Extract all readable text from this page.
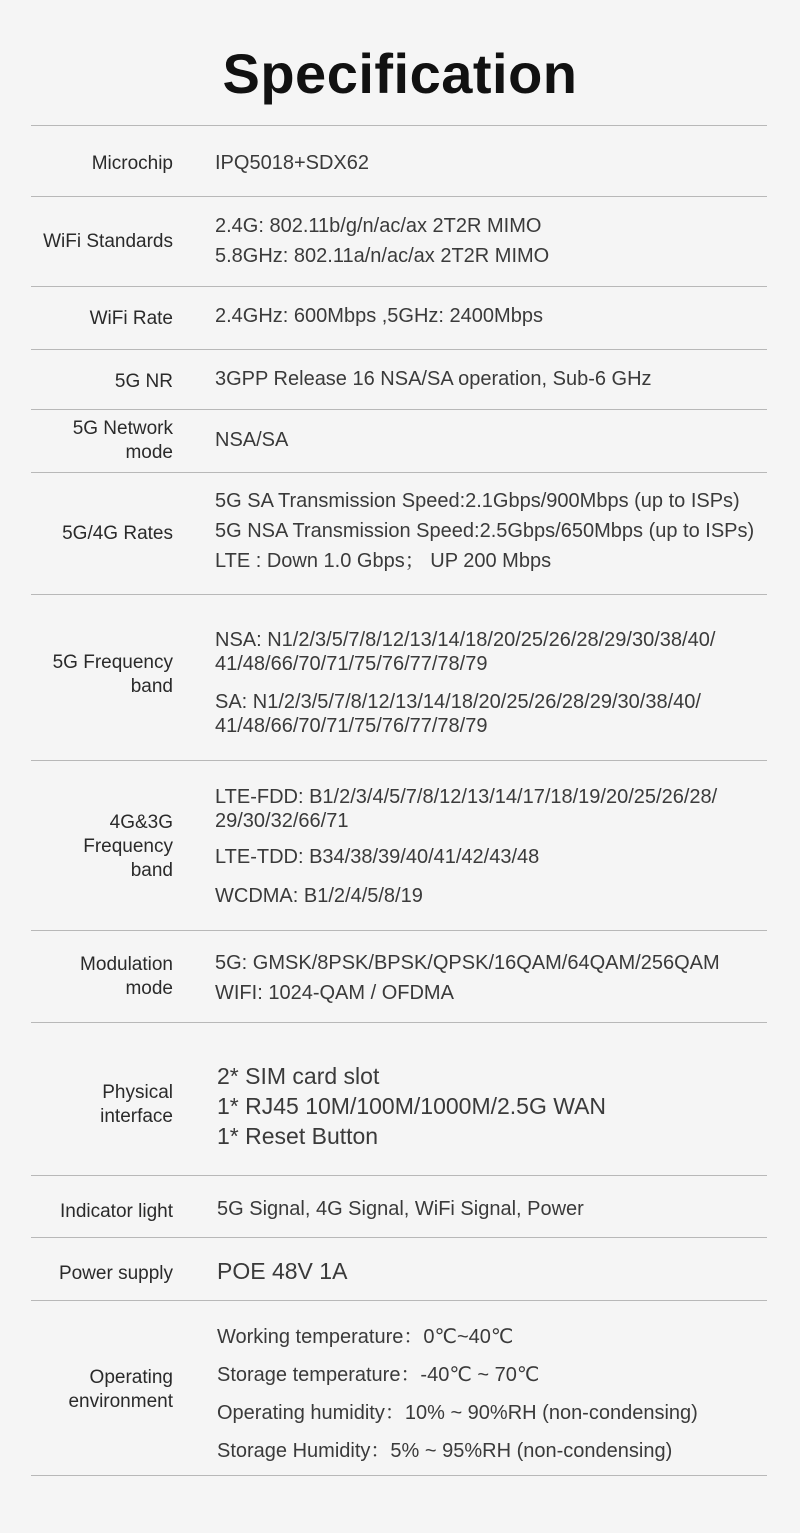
Specification
Microchip IPQ5018+SDX62
WiFi Standards
2.4G: 802.11b/g/n/ac/ax 2T2R MIMO
5.8GHz: 802.11a/n/ac/ax 2T2R MIMO
WiFi Rate 2.4GHz: 600Mbps ,5GHz: 2400Mbps
5G NR 3GPP Release 16 NSA/SA operation, Sub-6 GHz
5G Network
mode
NSA/SA
5G/4G Rates
5G SA Transmission Speed:2.1Gbps/900Mbps (up to ISPs)
5G NSA Transmission Speed:2.5Gbps/650Mbps (up to ISPs)
LTE : Down 1.0 Gbps； UP 200 Mbps
5G Frequency
band
NSA: N1/2/3/5/7/8/12/13/14/18/20/25/26/28/29/30/38/40/
41/48/66/70/71/75/76/77/78/79
SA: N1/2/3/5/7/8/12/13/14/18/20/25/26/28/29/30/38/40/
41/48/66/70/71/75/76/77/78/79
4G&3G
Frequency
band
LTE-FDD: B1/2/3/4/5/7/8/12/13/14/17/18/19/20/25/26/28/
29/30/32/66/71
LTE-TDD: B34/38/39/40/41/42/43/48
WCDMA: B1/2/4/5/8/19
Modulation
mode
5G: GMSK/8PSK/BPSK/QPSK/16QAM/64QAM/256QAM
WIFI: 1024-QAM / OFDMA
Physical
interface
2* SIM card slot
1* RJ45 10M/100M/1000M/2.5G WAN
1* Reset Button
Indicator light 5G Signal, 4G Signal, WiFi Signal, Power
Power supply POE 48V 1A
Operating
environment
Working temperature：0℃~40℃
Storage temperature：-40℃ ~ 70℃
Operating humidity：10% ~ 90%RH (non-condensing)
Storage Humidity：5% ~ 95%RH (non-condensing)
